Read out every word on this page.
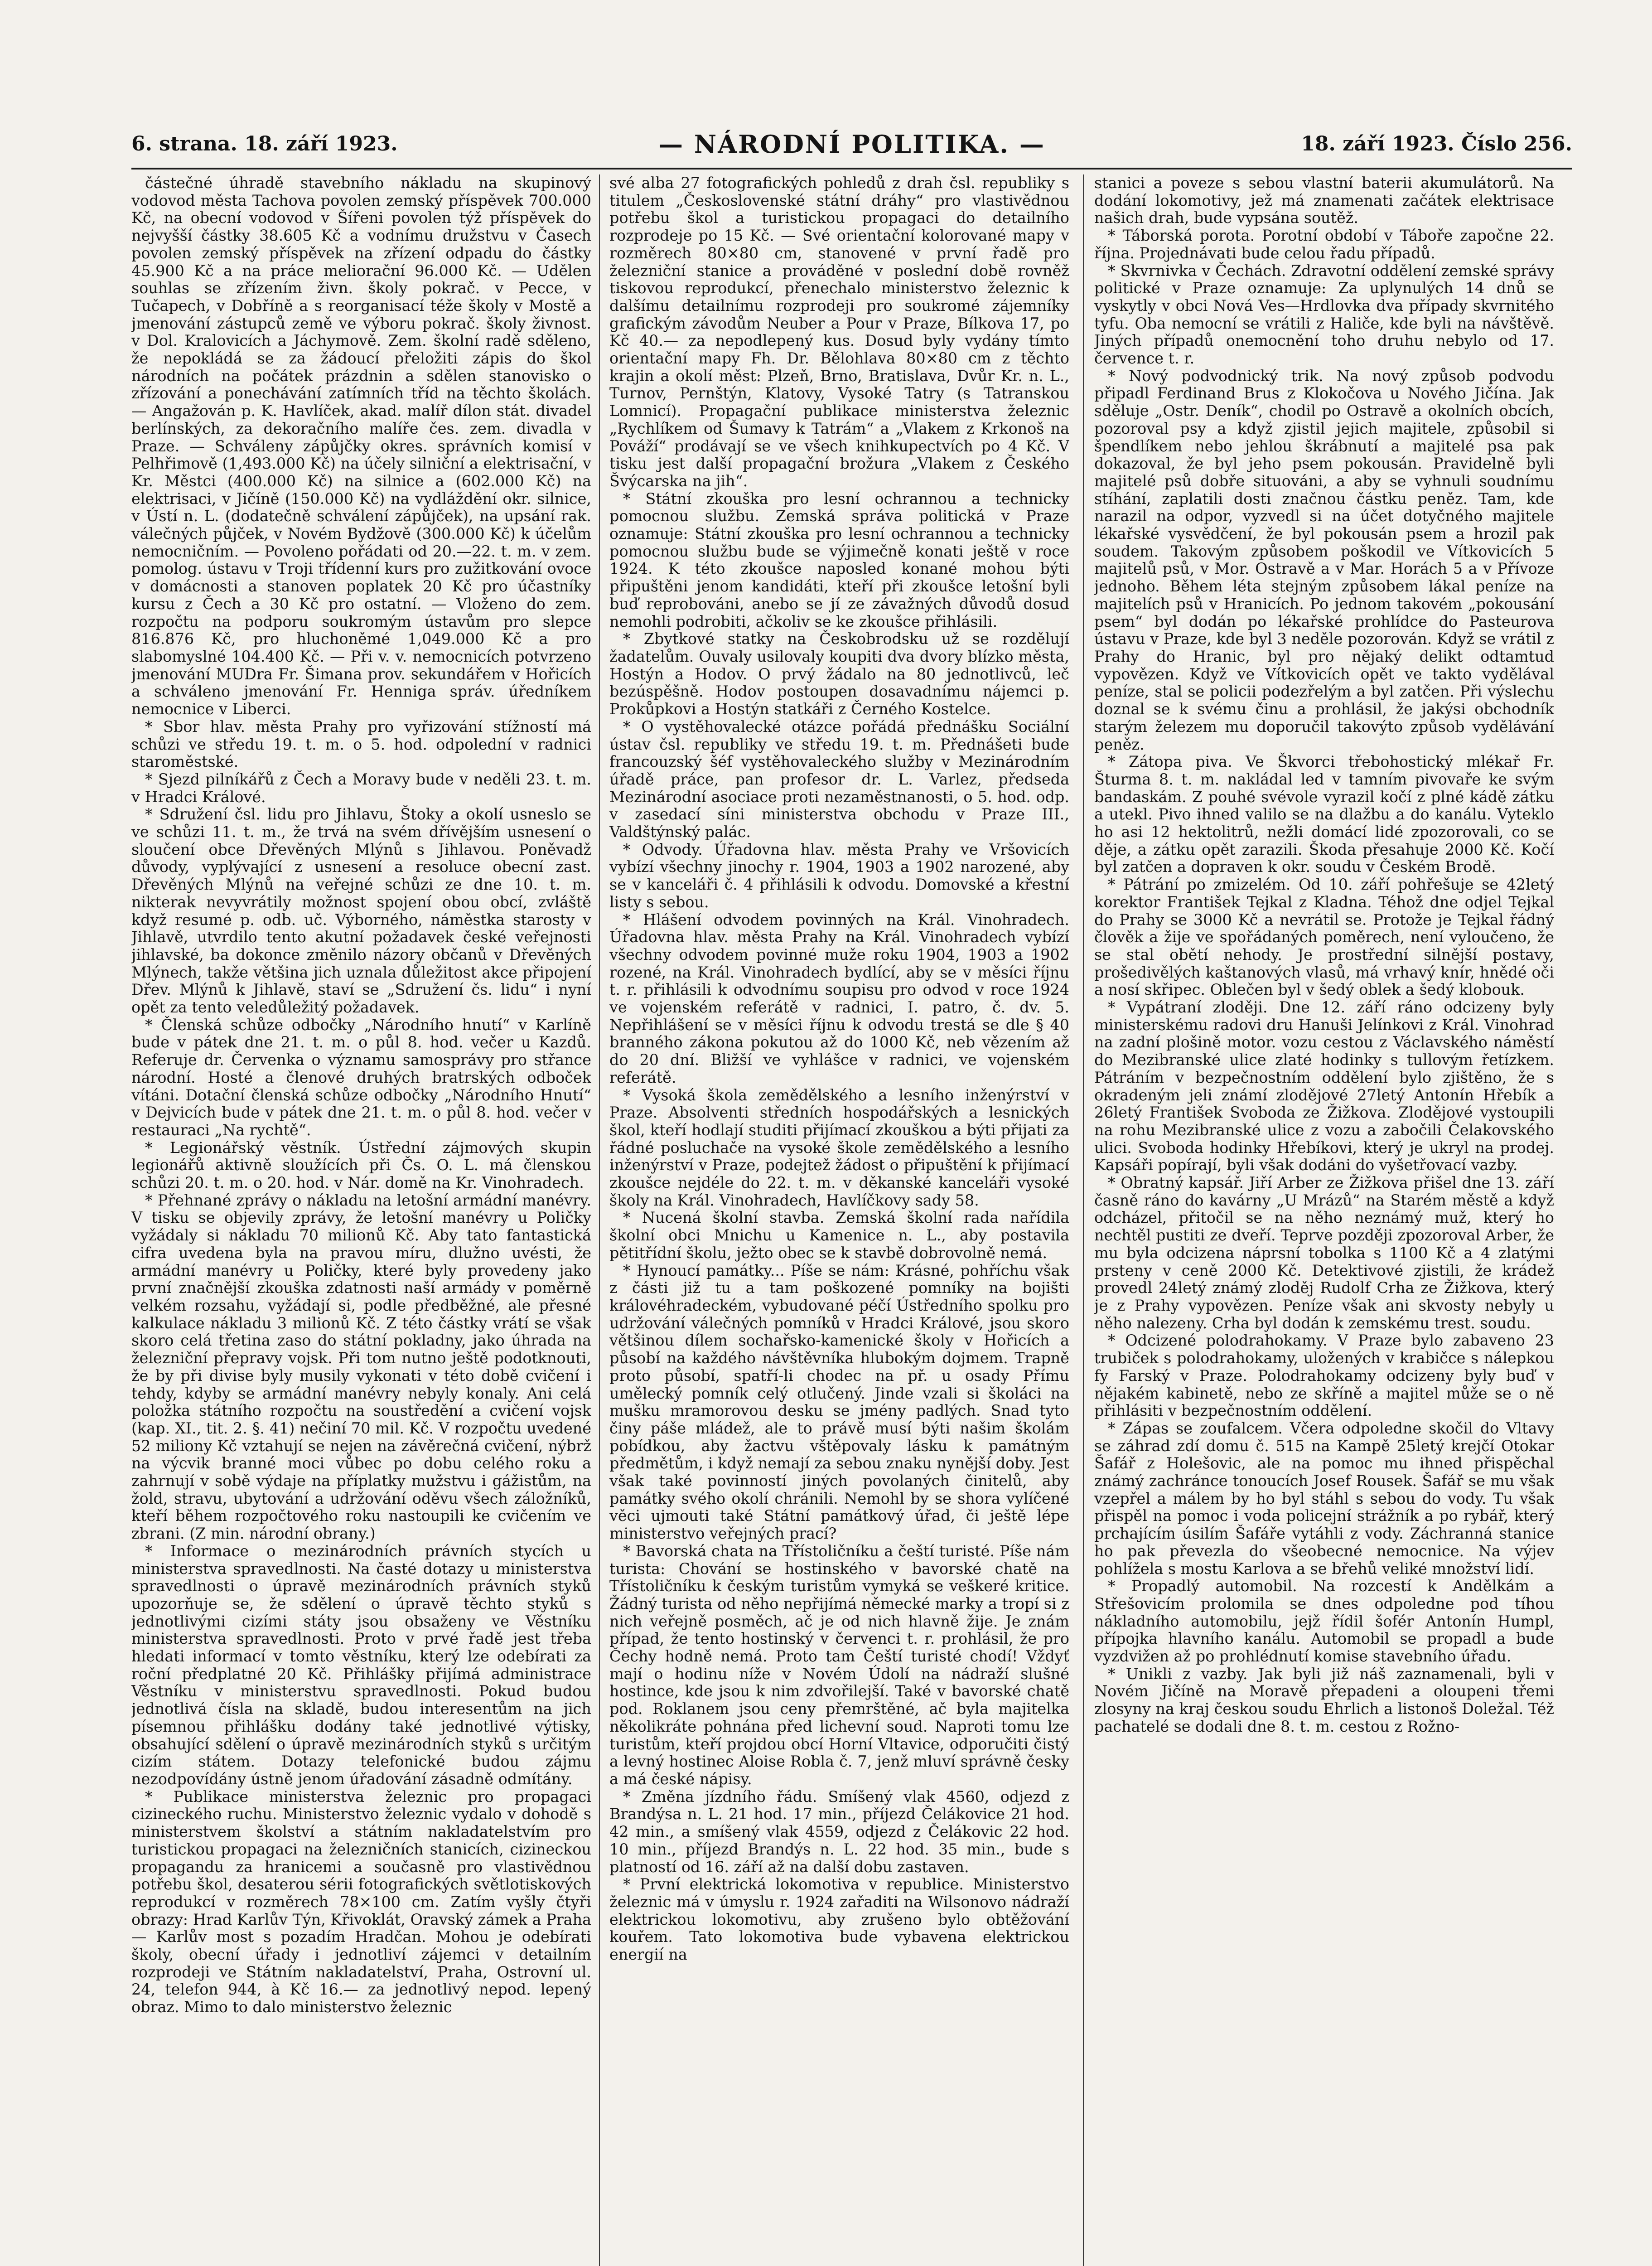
6. strana. 18. září 1923.	— NÁRODNÍ POLITIKA. —	18. září 1923. Číslo 256.

částečné úhradě stavebního nákladu na skupinový vodovod města Tachova povolen zemský příspěvek 700.000 Kč, na obecní vodovod v Šířeni povolen týž příspěvek do nejvyšší částky 38.605 Kč a vodnímu družstvu v Časech povolen zemský příspěvek na zřízení odpadu do částky 45.900 Kč a na práce meliorační 96.000 Kč. — Udělen souhlas se zřízením živn. školy pokrač. v Pecce, v Tučapech, v Dobříně a s reorganisací téže školy v Mostě a jmenování zástupců země ve výboru pokrač. školy živnost. v Dol. Kralovicích a Jáchymově. Zem. školní radě sděleno, že nepokládá se za žádoucí přeložiti zápis do škol národních na počátek prázdnin a sdělen stanovisko o zřízování a ponechávání zatímních tříd na těchto školách. — Angažován p. K. Havlíček, akad. malíř dílon stát. divadel berlínských, za dekoračního malíře čes. zem. divadla v Praze. — Schváleny zápůjčky okres. správních komisí v Pelhřimově (1,493.000 Kč) na účely silniční a elektrisační, v Kr. Městci (400.000 Kč) na silnice a (602.000 Kč) na elektrisaci, v Jičíně (150.000 Kč) na vydláždění okr. silnice, v Ústí n. L. (dodatečně schválení zápůjček), na upsání rak. válečných půjček, v Novém Bydžově (300.000 Kč) k účelům nemocničním. — Povoleno pořádati od 20.—22. t. m. v zem. pomolog. ústavu v Troji třídenní kurs pro zužitkování ovoce v domácnosti a stanoven poplatek 20 Kč pro účastníky kursu z Čech a 30 Kč pro ostatní. — Vloženo do zem. rozpočtu na podporu soukromým ústavům pro slepce 816.876 Kč, pro hluchoněmé 1,049.000 Kč a pro slabomyslné 104.400 Kč. — Při v. v. nemocnicích potvrzeno jmenování MUDra Fr. Šimana prov. sekundářem v Hořicích a schváleno jmenování Fr. Henniga správ. úředníkem nemocnice v Liberci.

* Sbor hlav. města Prahy pro vyřizování stížností má schůzi ve středu 19. t. m. o 5. hod. odpolední v radnici staroměstské.

* Sjezd pilníkářů z Čech a Moravy bude v neděli 23. t. m. v Hradci Králové.

* Sdružení čsl. lidu pro Jihlavu, Štoky a okolí usneslo se ve schůzi 11. t. m., že trvá na svém dřívějším usnesení o sloučení obce Dřevěných Mlýnů s Jihlavou. Poněvadž důvody, vyplývající z usnesení a resoluce obecní zast. Dřevěných Mlýnů na veřejné schůzi ze dne 10. t. m. nikterak nevyvrátily možnost spojení obou obcí, zvláště když resumé p. odb. uč. Výborného, náměstka starosty v Jihlavě, utvrdilo tento akutní požadavek české veřejnosti jihlavské, ba dokonce změnilo názory občanů v Dřevěných Mlýnech, takže většina jich uznala důležitost akce připojení Dřev. Mlýnů k Jihlavě, staví se „Sdružení čs. lidu“ i nyní opět za tento veledůležitý požadavek.

* Členská schůze odbočky „Národního hnutí“ v Karlíně bude v pátek dne 21. t. m. o půl 8. hod. večer u Kazdů. Referuje dr. Červenka o významu samosprávy pro střance národní. Hosté a členové druhých bratrských odboček vítáni. Dotační členská schůze odbočky „Národního Hnutí“ v Dejvicích bude v pátek dne 21. t. m. o půl 8. hod. večer v restauraci „Na rychtě“.

* Legionářský věstník. Ústřední zájmových skupin legionářů aktivně sloužících při Čs. O. L. má členskou schůzi 20. t. m. o 20. hod. v Nár. domě na Kr. Vinohradech.

* Přehnané zprávy o nákladu na letošní armádní manévry. V tisku se objevily zprávy, že letošní manévry u Poličky vyžádaly si nákladu 70 milionů Kč. Aby tato fantastická cifra uvedena byla na pravou míru, dlužno uvésti, že armádní manévry u Poličky, které byly provedeny jako první značnější zkouška zdatnosti naší armády v poměrně velkém rozsahu, vyžádají si, podle předběžné, ale přesné kalkulace nákladu 3 milionů Kč. Z této částky vrátí se však skoro celá třetina zaso do státní pokladny, jako úhrada na železniční přepravy vojsk. Při tom nutno ještě podotknouti, že by při divise byly musily vykonati v této době cvičení i tehdy, kdyby se armádní manévry nebyly konaly. Ani celá položka státního rozpočtu na soustředění a cvičení vojsk (kap. XI., tit. 2. §. 41) nečiní 70 mil. Kč. V rozpočtu uvedené 52 miliony Kč vztahují se nejen na závěrečná cvičení, nýbrž na výcvik branné moci vůbec po dobu celého roku a zahrnují v sobě výdaje na příplatky mužstvu i gážistům, na žold, stravu, ubytování a udržování oděvu všech záložníků, kteří během rozpočtového roku nastoupili ke cvičením ve zbrani. (Z min. národní obrany.)

* Informace o mezinárodních právních stycích u ministerstva spravedlnosti. Na časté dotazy u ministerstva spravedlnosti o úpravě mezinárodních právních styků upozorňuje se, že sdělení o úpravě těchto styků s jednotlivými cizími státy jsou obsaženy ve Věstníku ministerstva spravedlnosti. Proto v prvé řadě jest třeba hledati informací v tomto věstníku, který lze odebírati za roční předplatné 20 Kč. Přihlášky přijímá administrace Věstníku v ministerstvu spravedlnosti. Pokud budou jednotlivá čísla na skladě, budou interesentům na jich písemnou přihlášku dodány také jednotlivé výtisky, obsahující sdělení o úpravě mezinárodních styků s určitým cizím státem. Dotazy telefonické budou zájmu nezodpovídány ústně jenom úřadování zásadně odmítány.

* Publikace ministerstva železnic pro propagaci cizineckého ruchu. Ministerstvo železnic vydalo v dohodě s ministerstvem školství a státním nakladatelstvím pro turistickou propagaci na železničních stanicích, cizineckou propagandu za hranicemi a současně pro vlastivědnou potřebu škol, desaterou sérii fotografických světlotiskových reprodukcí v rozměrech 78×100 cm. Zatím vyšly čtyři obrazy: Hrad Karlův Týn, Křivoklát, Oravský zámek a Praha — Karlův most s pozadím Hradčan. Mohou je odebírati školy, obecní úřady i jednotliví zájemci v detailním rozprodeji ve Státním nakladatelství, Praha, Ostrovní ul. 24, telefon 944, à Kč 16.— za jednotlivý nepod. lepený obraz. Mimo to dalo ministerstvo železnic

své alba 27 fotografických pohledů z drah čsl. republiky s titulem „Československé státní dráhy“ pro vlastivědnou potřebu škol a turistickou propagaci do detailního rozprodeje po 15 Kč. — Své orientační kolorované mapy v rozměrech 80×80 cm, stanovené v první řadě pro železniční stanice a prováděné v poslední době rovněž tiskovou reprodukcí, přenechalo ministerstvo železnic k dalšímu detailnímu rozprodeji pro soukromé zájemníky grafickým závodům Neuber a Pour v Praze, Bílkova 17, po Kč 40.— za nepodlepený kus. Dosud byly vydány tímto orientační mapy Fh. Dr. Bělohlava 80×80 cm z těchto krajin a okolí měst: Plzeň, Brno, Bratislava, Dvůr Kr. n. L., Turnov, Pernštýn, Klatovy, Vysoké Tatry (s Tatranskou Lomnicí). Propagační publikace ministerstva železnic „Rychlíkem od Šumavy k Tatrám“ a „Vlakem z Krkonoš na Pováží“ prodávají se ve všech knihkupectvích po 4 Kč. V tisku jest další propagační brožura „Vlakem z Českého Švýcarska na jih“.

* Státní zkouška pro lesní ochrannou a technicky pomocnou službu. Zemská správa politická v Praze oznamuje: Státní zkouška pro lesní ochrannou a technicky pomocnou službu bude se výjimečně konati ještě v roce 1924. K této zkoušce naposled konané mohou býti připuštěni jenom kandidáti, kteří při zkoušce letošní byli buď reprobováni, anebo se jí ze závažných důvodů dosud nemohli podrobiti, ačkoliv se ke zkoušce přihlásili.

* Zbytkové statky na Českobrodsku už se rozdělují žadatelům. Ouvaly usilovaly koupiti dva dvory blízko města, Hostýn a Hodov. O prvý žádalo na 80 jednotlivců, leč bezúspěšně. Hodov postoupen dosavadnímu nájemci p. Prokůpkovi a Hostýn statkáři z Černého Kostelce.

* O vystěhovalecké otázce pořádá přednášku Sociální ústav čsl. republiky ve středu 19. t. m. Přednášeti bude francouzský šéf vystěhovaleckého služby v Mezinárodním úřadě práce, pan profesor dr. L. Varlez, předseda Mezinárodní asociace proti nezaměstnanosti, o 5. hod. odp. v zasedací síni ministerstva obchodu v Praze III., Valdštýnský palác.

* Odvody. Úřadovna hlav. města Prahy ve Vršovicích vybízí všechny jinochy r. 1904, 1903 a 1902 narozené, aby se v kanceláři č. 4 přihlásili k odvodu. Domovské a křestní listy s sebou.

* Hlášení odvodem povinných na Král. Vinohradech. Úřadovna hlav. města Prahy na Král. Vinohradech vybízí všechny odvodem povinné muže roku 1904, 1903 a 1902 rozené, na Král. Vinohradech bydlící, aby se v měsíci říjnu t. r. přihlásili k odvodnímu soupisu pro odvod v roce 1924 ve vojenském referátě v radnici, I. patro, č. dv. 5. Nepřihlášení se v měsíci říjnu k odvodu trestá se dle § 40 branného zákona pokutou až do 1000 Kč, neb vězením až do 20 dní. Bližší ve vyhlášce v radnici, ve vojenském referátě.

* Vysoká škola zemědělského a lesního inženýrství v Praze. Absolventi středních hospodářských a lesnických škol, kteří hodlají studiti přijímací zkouškou a býti přijati za řádné posluchače na vysoké škole zemědělského a lesního inženýrství v Praze, podejtež žádost o připuštění k přijímací zkoušce nejdéle do 22. t. m. v děkanské kanceláři vysoké školy na Král. Vinohradech, Havlíčkovy sady 58.

* Nucená školní stavba. Zemská školní rada nařídila školní obci Mnichu u Kamenice n. L., aby postavila pětitřídní školu, ježto obec se k stavbě dobrovolně nemá.

* Hynoucí památky... Píše se nám: Krásné, pohříchu však z části již tu a tam poškozené pomníky na bojišti královéhradeckém, vybudované péčí Ústředního spolku pro udržování válečných pomníků v Hradci Králové, jsou skoro většinou dílem sochařsko-kamenické školy v Hořicích a působí na každého návštěvníka hlubokým dojmem. Trapně proto působí, spatří-li chodec na př. u osady Přímu umělecký pomník celý otlučený. Jinde vzali si školáci na mušku mramorovou desku se jmény padlých. Snad tyto činy páše mládež, ale to právě musí býti našim školám pobídkou, aby žactvu vštěpovaly lásku k památným předmětům, i když nemají za sebou znaku nynější doby. Jest však také povinností jiných povolaných činitelů, aby památky svého okolí chránili. Nemohl by se shora vylíčené věci ujmouti také Státní památkový úřad, či ještě lépe ministerstvo veřejných prací?

* Bavorská chata na Třístoličníku a čeští turisté. Píše nám turista: Chování se hostinského v bavorské chatě na Třístoličníku k českým turistům vymyká se veškeré kritice. Žádný turista od něho nepřijímá německé marky a tropí si z nich veřejně posměch, ač je od nich hlavně žije. Je znám případ, že tento hostinský v červenci t. r. prohlásil, že pro Čechy hodně nemá. Proto tam Čeští turisté chodí! Vždyť mají o hodinu níže v Novém Údolí na nádraží slušné hostince, kde jsou k nim zdvořilejší. Také v bavorské chatě pod. Roklanem jsou ceny přemrštěné, ač byla majitelka několikráte pohnána před lichevní soud. Naproti tomu lze turistům, kteří projdou obcí Horní Vltavice, odporučiti čistý a levný hostinec Aloise Robla č. 7, jenž mluví správně česky a má české nápisy.

* Změna jízdního řádu. Smíšený vlak 4560, odjezd z Brandýsa n. L. 21 hod. 17 min., příjezd Čelákovice 21 hod. 42 min., a smíšený vlak 4559, odjezd z Čelákovic 22 hod. 10 min., příjezd Brandýs n. L. 22 hod. 35 min., bude s platností od 16. září až na další dobu zastaven.

* První elektrická lokomotiva v republice. Ministerstvo železnic má v úmyslu r. 1924 zařaditi na Wilsonovo nádraží elektrickou lokomotivu, aby zrušeno bylo obtěžování kouřem. Tato lokomotiva bude vybavena elektrickou energií na

stanici a poveze s sebou vlastní baterii akumulátorů. Na dodání lokomotivy, jež má znamenati začátek elektrisace našich drah, bude vypsána soutěž.

* Táborská porota. Porotní období v Táboře započne 22. října. Projednávati bude celou řadu případů.

* Skvrnivka v Čechách. Zdravotní oddělení zemské správy politické v Praze oznamuje: Za uplynulých 14 dnů se vyskytly v obci Nová Ves—Hrdlovka dva případy skvrnitého tyfu. Oba nemocní se vrátili z Haliče, kde byli na návštěvě. Jiných případů onemocnění toho druhu nebylo od 17. července t. r.

* Nový podvodnický trik. Na nový způsob podvodu připadl Ferdinand Brus z Klokočova u Nového Jičína. Jak sděluje „Ostr. Deník“, chodil po Ostravě a okolních obcích, pozoroval psy a když zjistil jejich majitele, způsobil si špendlíkem nebo jehlou škrábnutí a majitelé psa pak dokazoval, že byl jeho psem pokousán. Pravidelně byli majitelé psů dobře situováni, a aby se vyhnuli soudnímu stíhání, zaplatili dosti značnou částku peněz. Tam, kde narazil na odpor, vyzvedl si na účet dotyčného majitele lékařské vysvědčení, že byl pokousán psem a hrozil pak soudem. Takovým způsobem poškodil ve Vítkovicích 5 majitelů psů, v Mor. Ostravě a v Mar. Horách 5 a v Přívoze jednoho. Během léta stejným způsobem lákal peníze na majitelích psů v Hranicích. Po jednom takovém „pokousání psem“ byl dodán po lékařské prohlídce do Pasteurova ústavu v Praze, kde byl 3 neděle pozorován. Když se vrátil z Prahy do Hranic, byl pro nějaký delikt odtamtud vypovězen. Když ve Vítkovicích opět ve takto vydělával peníze, stal se policii podezřelým a byl zatčen. Při výslechu doznal se k svému činu a prohlásil, že jakýsi obchodník starým železem mu doporučil takovýto způsob vydělávání peněz.

* Zátopa piva. Ve Škvorci třebohostický mlékař Fr. Šturma 8. t. m. nakládal led v tamním pivovaře ke svým bandaskám. Z pouhé svévole vyrazil kočí z plné kádě zátku a utekl. Pivo ihned valilo se na dlažbu a do kanálu. Vyteklo ho asi 12 hektolitrů, nežli domácí lidé zpozorovali, co se děje, a zátku opět zarazili. Škoda přesahuje 2000 Kč. Kočí byl zatčen a dopraven k okr. soudu v Českém Brodě.

* Pátrání po zmizelém. Od 10. září pohřešuje se 42letý korektor František Tejkal z Kladna. Téhož dne odjel Tejkal do Prahy se 3000 Kč a nevrátil se. Protože je Tejkal řádný člověk a žije ve spořádaných poměrech, není vyloučeno, že se stal obětí nehody. Je prostřední silnější postavy, prošedivělých kaštanových vlasů, má vrhavý knír, hnědé oči a nosí skřipec. Oblečen byl v šedý oblek a šedý klobouk.

* Vypátraní zloději. Dne 12. září ráno odcizeny byly ministerskému radovi dru Hanuši Jelínkovi z Král. Vinohrad na zadní plošině motor. vozu cestou z Václavského náměstí do Mezibranské ulice zlaté hodinky s tullovým řetízkem. Pátráním v bezpečnostním oddělení bylo zjištěno, že s okradeným jeli známí zlodějové 27letý Antonín Hřebík a 26letý František Svoboda ze Žižkova. Zlodějové vystoupili na rohu Mezibranské ulice z vozu a zabočili Čelakovského ulici. Svoboda hodinky Hřebíkovi, který je ukryl na prodej. Kapsáři popírají, byli však dodáni do vyšetřovací vazby.

* Obratný kapsář. Jiří Arber ze Žižkova přišel dne 13. září časně ráno do kavárny „U Mrázů“ na Starém městě a když odcházel, přitočil se na něho neznámý muž, který ho nechtěl pustiti ze dveří. Teprve později zpozoroval Arber, že mu byla odcizena náprsní tobolka s 1100 Kč a 4 zlatými prsteny v ceně 2000 Kč. Detektivové zjistili, že krádež provedl 24letý známý zloděj Rudolf Crha ze Žižkova, který je z Prahy vypovězen. Peníze však ani skvosty nebyly u něho nalezeny. Crha byl dodán k zemskému trest. soudu.

* Odcizené polodrahokamy. V Praze bylo zabaveno 23 trubiček s polodrahokamy, uložených v krabičce s nálepkou fy Farský v Praze. Polodrahokamy odcizeny byly buď v nějakém kabinetě, nebo ze skříně a majitel může se o ně přihlásiti v bezpečnostním oddělení.

* Zápas se zoufalcem. Včera odpoledne skočil do Vltavy se záhrad zdí domu č. 515 na Kampě 25letý krejčí Otokar Šafář z Holešovic, ale na pomoc mu ihned přispěchal známý zachránce tonoucích Josef Rousek. Šafář se mu však vzepřel a málem by ho byl stáhl s sebou do vody. Tu však přispěl na pomoc i voda policejní strážník a po rybář, který prchajícím úsilím Šafáře vytáhli z vody. Záchranná stanice ho pak převezla do všeobecné nemocnice. Na výjev pohlížela s mostu Karlova a se břehů veliké množství lidí.

* Propadlý automobil. Na rozcestí k Andělkám a Střešovicím prolomila se dnes odpoledne pod tíhou nákladního automobilu, jejž řídil šofér Antonín Humpl, přípojka hlavního kanálu. Automobil se propadl a bude vyzdvižen až po prohlédnutí komise stavebního úřadu.

* Unikli z vazby. Jak byli již náš zaznamenali, byli v Novém Jičíně na Moravě přepadeni a oloupeni třemi zlosyny na kraj českou soudu Ehrlich a listonoš Doležal. Též pachatelé se dodali dne 8. t. m. cestou z Rožno-
